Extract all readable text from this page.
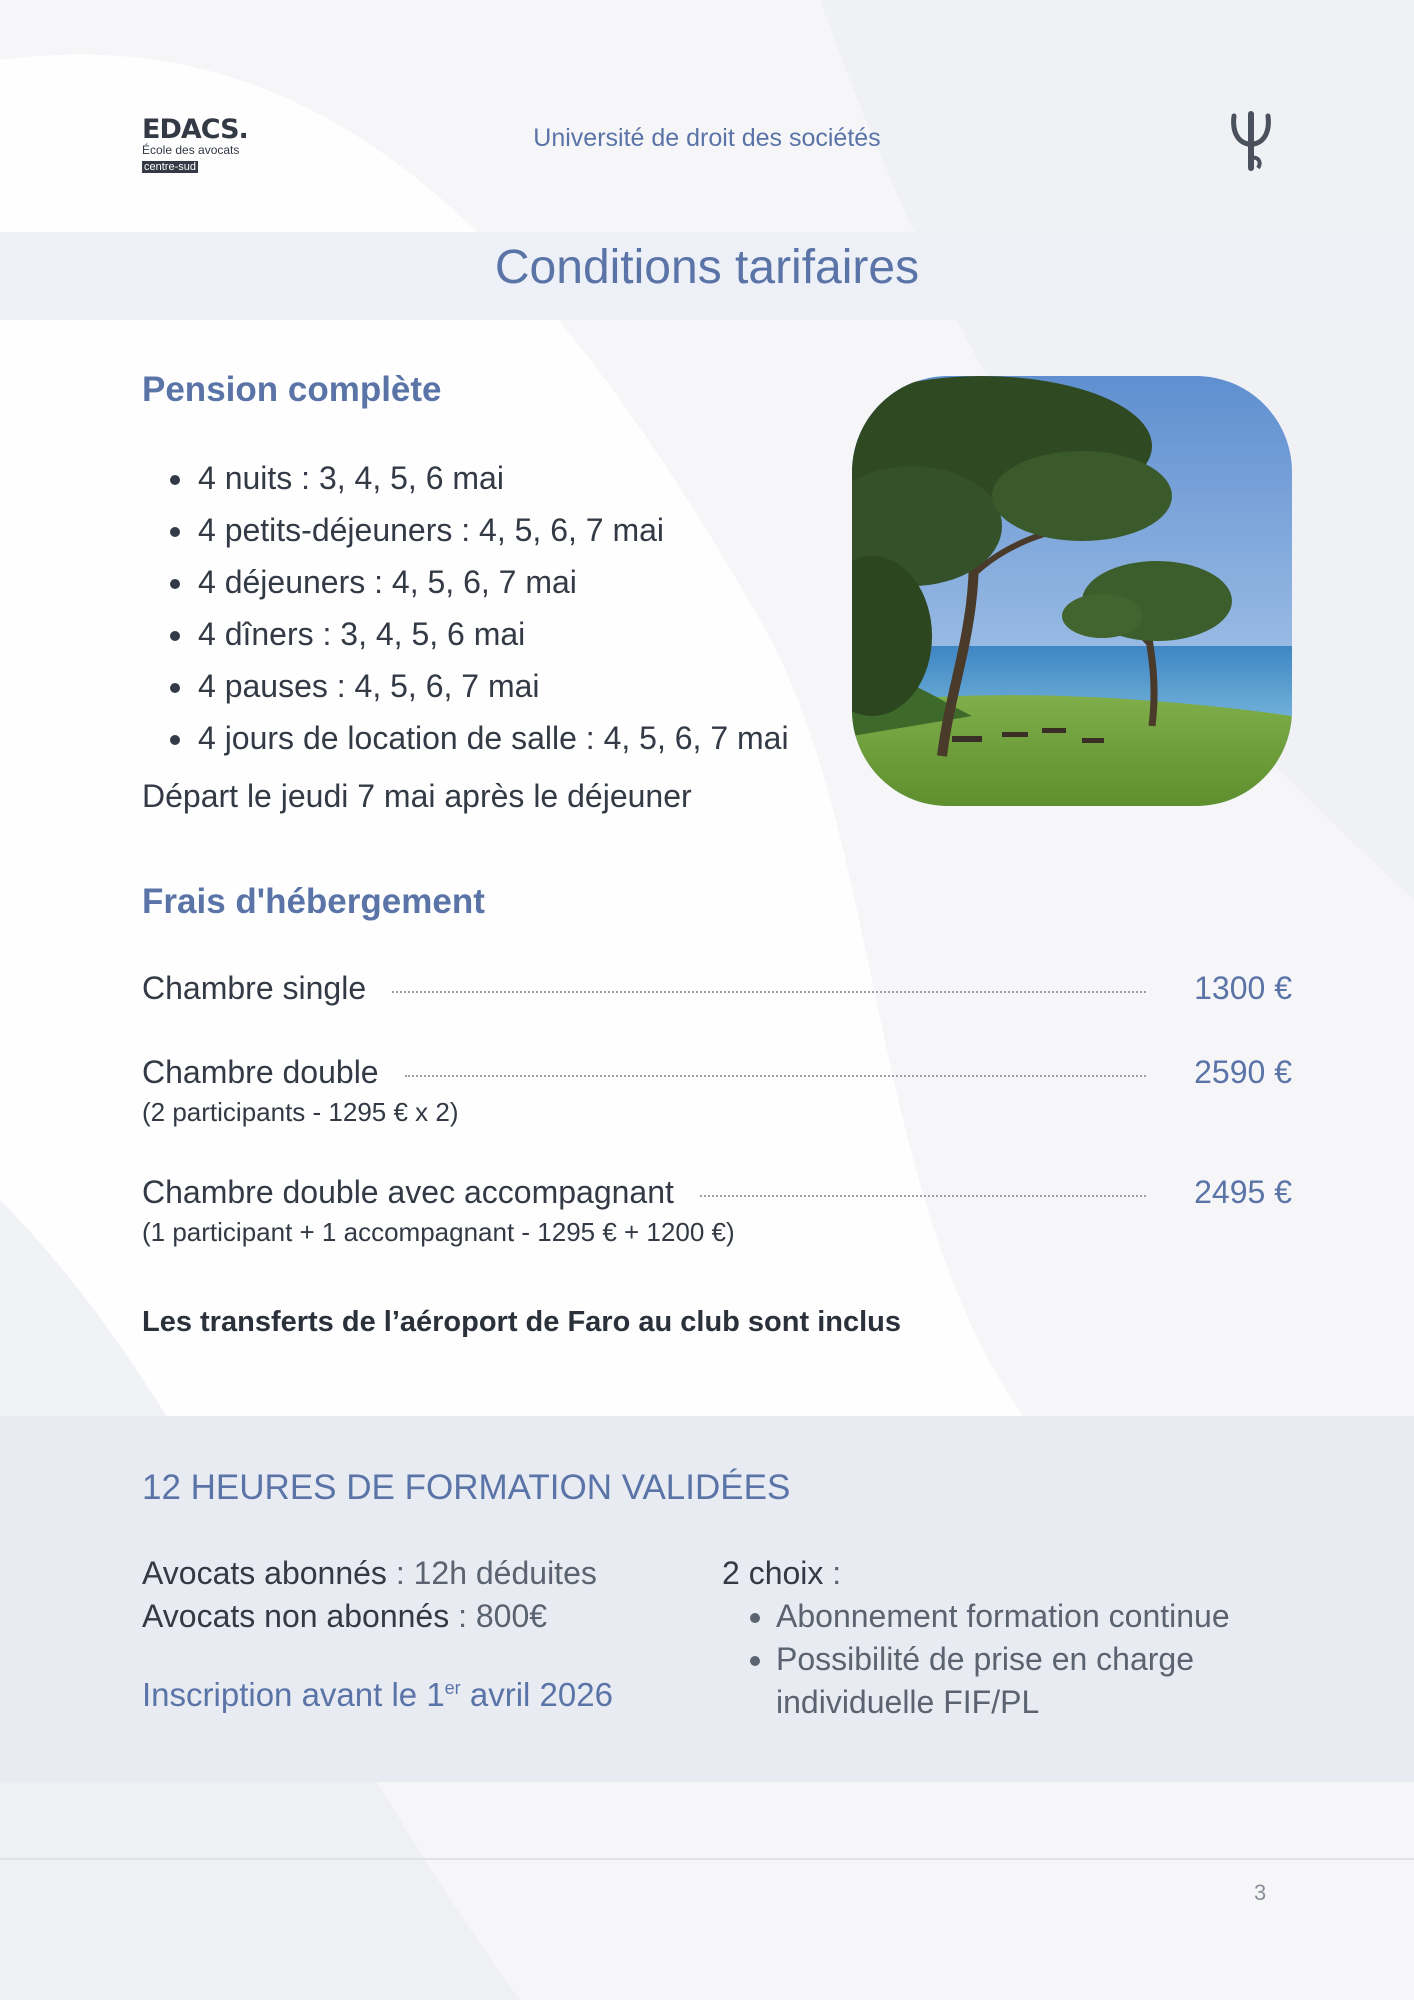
EDACS.
École des avocats
centre-sud
Université de droit des sociétés
Conditions tarifaires
Pension complète
• 4 nuits : 3, 4, 5, 6 mai
• 4 petits-déjeuners : 4, 5, 6, 7 mai
• 4 déjeuners : 4, 5, 6, 7 mai
• 4 dîners : 3, 4, 5, 6 mai
• 4 pauses : 4, 5, 6, 7 mai
• 4 jours de location de salle : 4, 5, 6, 7 mai
Départ le jeudi 7 mai après le déjeuner
Frais d'hébergement
Chambre single	1300 €
Chambre double	2590 €
(2 participants - 1295 € x 2)
Chambre double avec accompagnant	2495 €
(1 participant + 1 accompagnant - 1295 € + 1200 €)
Les transferts de l’aéroport de Faro au club sont inclus
12 HEURES DE FORMATION VALIDÉES
Avocats abonnés : 12h déduites
Avocats non abonnés : 800€
Inscription avant le 1er avril 2026
2 choix :
• Abonnement formation continue
• Possibilité de prise en charge individuelle FIF/PL
3
